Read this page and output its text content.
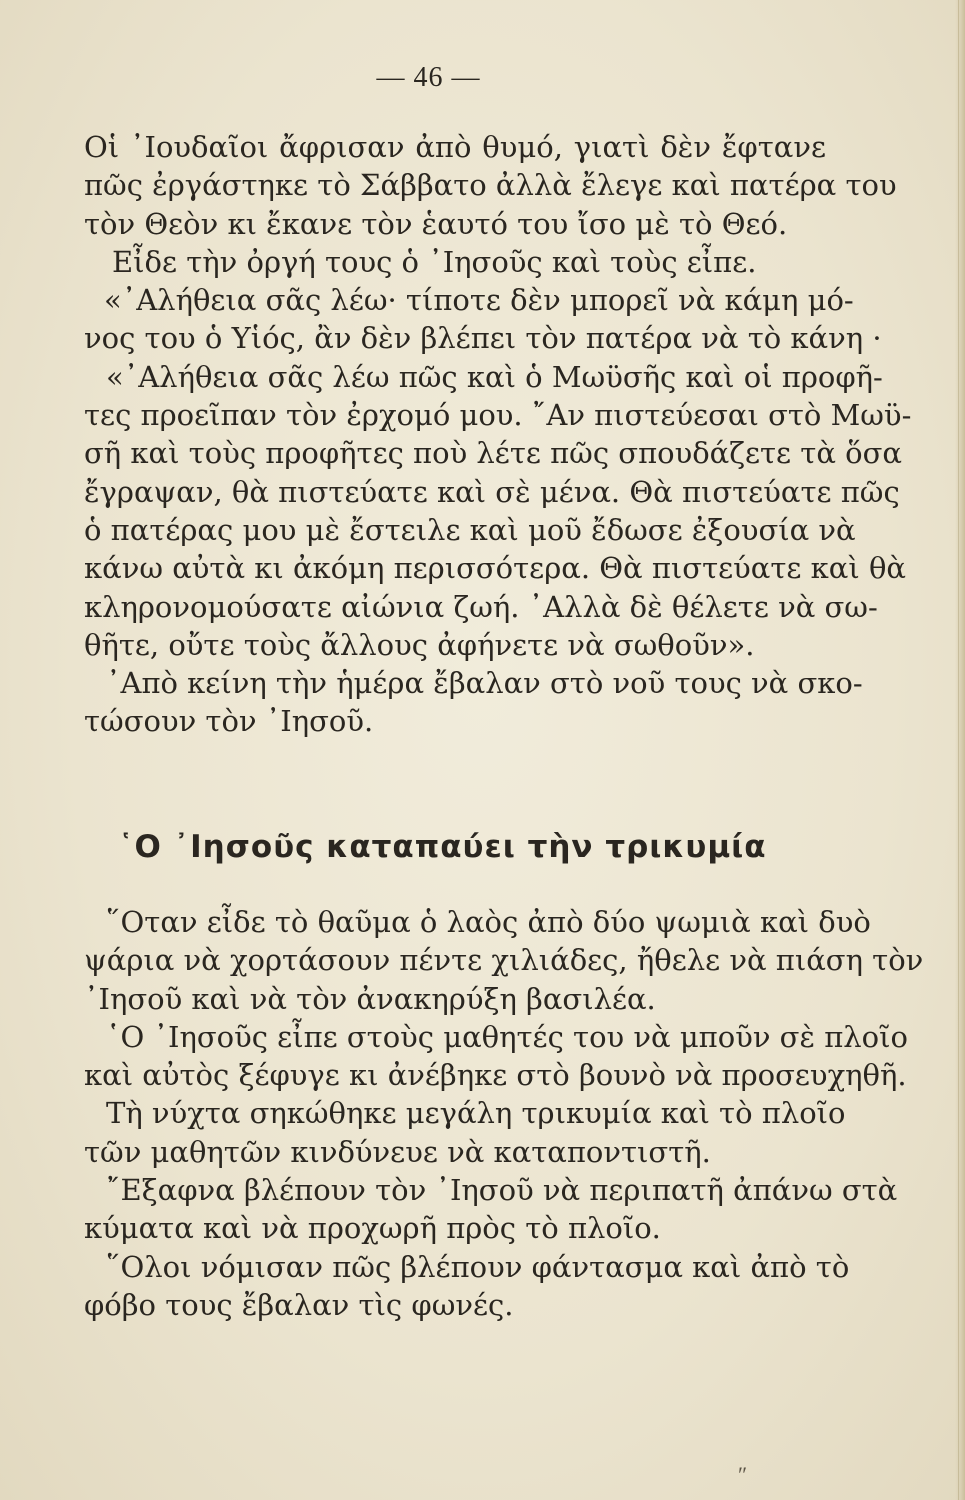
— 46 —
Οἱ ᾿Ιουδαῖοι ἄφρισαν ἀπὸ θυμό, γιατὶ δὲν ἔφτανε
πῶς ἐργάστηκε τὸ Σάββατο ἀλλὰ ἔλεγε καὶ πατέρα του
τὸν Θεὸν κι ἔκανε τὸν ἑαυτό του ἴσο μὲ τὸ Θεό.
Εἶδε τὴν ὀργή τους ὁ ᾿Ιησοῦς καὶ τοὺς εἶπε.
«᾿Αλήθεια σᾶς λέω· τίποτε δὲν μπορεῖ νὰ κάμη μό-
νος του ὁ Υἱός, ἂν δὲν βλέπει τὸν πατέρα νὰ τὸ κάνη ·
«᾿Αλήθεια σᾶς λέω πῶς καὶ ὁ Μωϋσῆς καὶ οἱ προφῆ-
τες προεῖπαν τὸν ἐρχομό μου. ῎Αν πιστεύεσαι στὸ Μωϋ-
σῆ καὶ τοὺς προφῆτες ποὺ λέτε πῶς σπουδάζετε τὰ ὅσα
ἔγραψαν, θὰ πιστεύατε καὶ σὲ μένα. Θὰ πιστεύατε πῶς
ὁ πατέρας μου μὲ ἔστειλε καὶ μοῦ ἔδωσε ἐξουσία νὰ
κάνω αὐτὰ κι ἀκόμη περισσότερα. Θὰ πιστεύατε καὶ θὰ
κληρονομούσατε αἰώνια ζωή. ᾿Αλλὰ δὲ θέλετε νὰ σω-
θῆτε, οὔτε τοὺς ἄλλους ἀφήνετε νὰ σωθοῦν».
᾿Απὸ κείνη τὴν ἡμέρα ἔβαλαν στὸ νοῦ τους νὰ σκο-
τώσουν τὸν ᾿Ιησοῦ.
῾Ο ᾿Ιησοῦς καταπαύει τὴν τρικυμία
῞Οταν εἶδε τὸ θαῦμα ὁ λαὸς ἀπὸ δύο ψωμιὰ καὶ δυὸ
ψάρια νὰ χορτάσουν πέντε χιλιάδες, ἤθελε νὰ πιάση τὸν
᾿Ιησοῦ καὶ νὰ τὸν ἀνακηρύξη βασιλέα.
῾Ο ᾿Ιησοῦς εἶπε στοὺς μαθητές του νὰ μποῦν σὲ πλοῖο
καὶ αὐτὸς ξέφυγε κι ἀνέβηκε στὸ βουνὸ νὰ προσευχηθῆ.
Τὴ νύχτα σηκώθηκε μεγάλη τρικυμία καὶ τὸ πλοῖο
τῶν μαθητῶν κινδύνευε νὰ καταποντιστῆ.
῎Εξαφνα βλέπουν τὸν ᾿Ιησοῦ νὰ περιπατῆ ἀπάνω στὰ
κύματα καὶ νὰ προχωρῆ πρὸς τὸ πλοῖο.
῞Ολοι νόμισαν πῶς βλέπουν φάντασμα καὶ ἀπὸ τὸ
φόβο τους ἔβαλαν τὶς φωνές.
″
